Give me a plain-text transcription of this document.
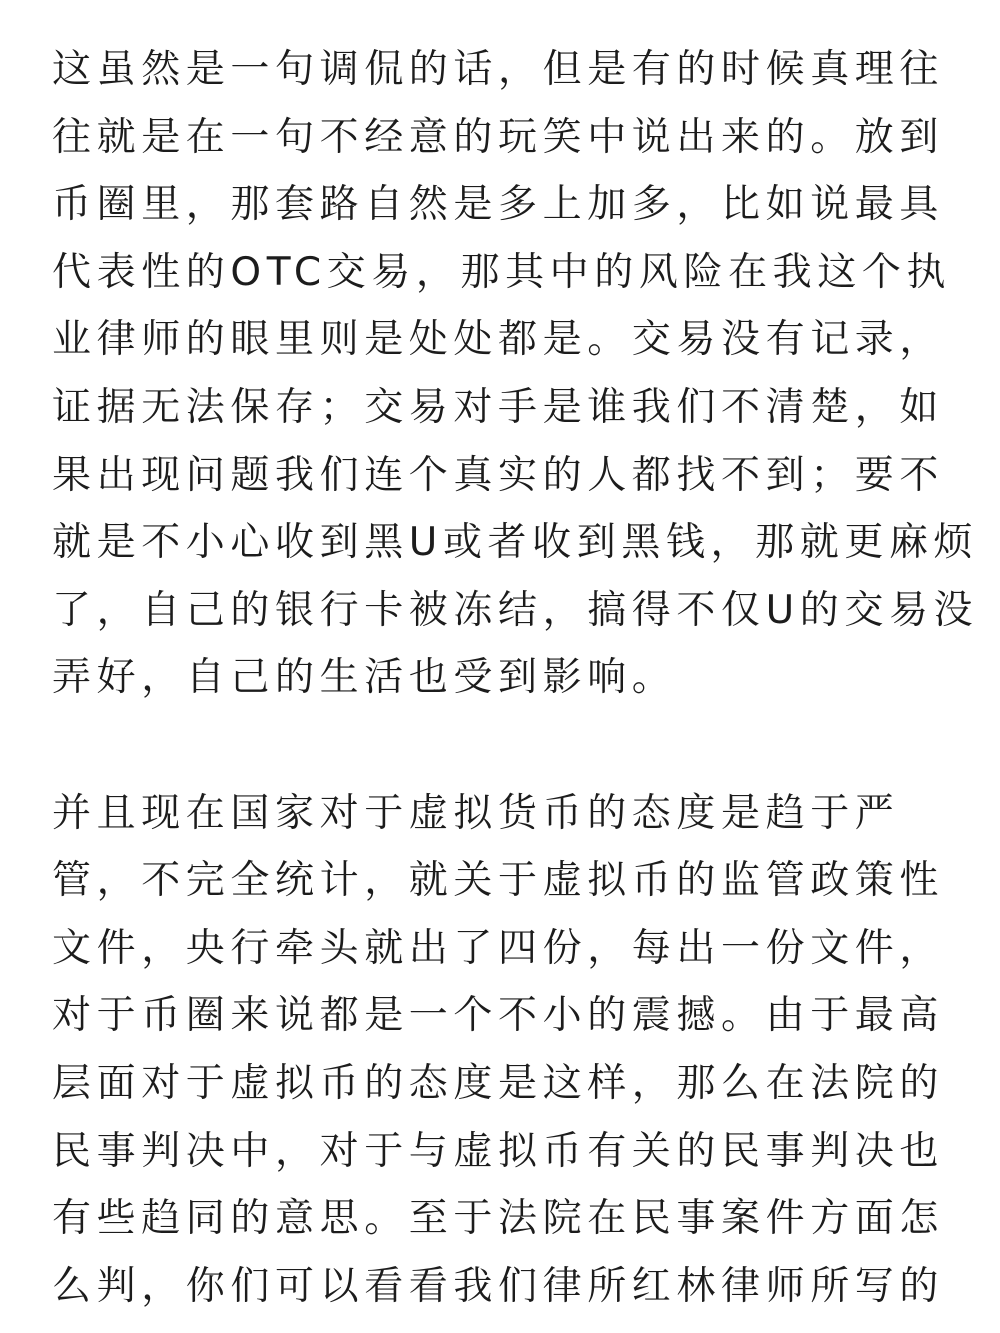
这虽然是一句调侃的话，但是有的时候真理往
往就是在一句不经意的玩笑中说出来的。放到
币圈里，那套路自然是多上加多，比如说最具
代表性的OTC交易，那其中的风险在我这个执
业律师的眼里则是处处都是。交易没有记录，
证据无法保存；交易对手是谁我们不清楚，如
果出现问题我们连个真实的人都找不到；要不
就是不小心收到黑U或者收到黑钱，那就更麻烦
了，自己的银行卡被冻结，搞得不仅U的交易没
弄好，自己的生活也受到影响。

并且现在国家对于虚拟货币的态度是趋于严
管，不完全统计，就关于虚拟币的监管政策性
文件，央行牵头就出了四份，每出一份文件，
对于币圈来说都是一个不小的震撼。由于最高
层面对于虚拟币的态度是这样，那么在法院的
民事判决中，对于与虚拟币有关的民事判决也
有些趋同的意思。至于法院在民事案件方面怎
么判，你们可以看看我们律所红林律师所写的
